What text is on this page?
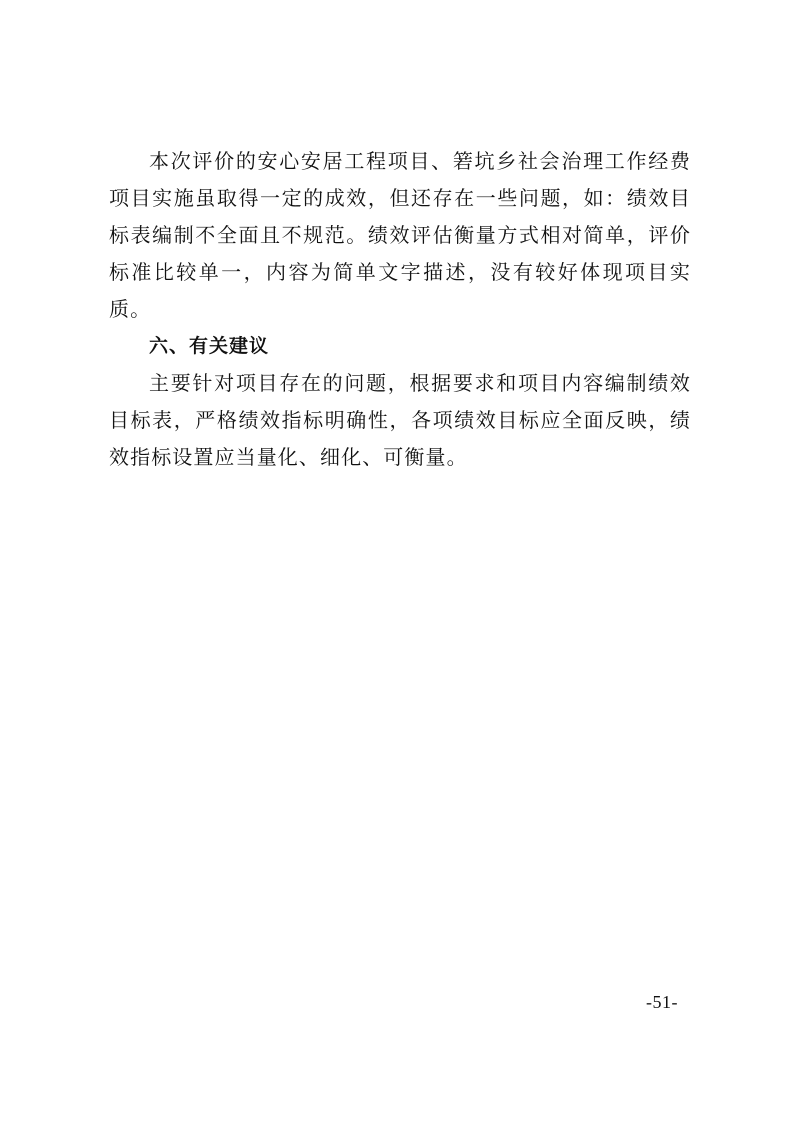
本次评价的安心安居工程项目、箬坑乡社会治理工作经费项目实施虽取得一定的成效，但还存在一些问题，如：绩效目标表编制不全面且不规范。绩效评估衡量方式相对简单，评价标准比较单一，内容为简单文字描述，没有较好体现项目实质。

六、有关建议

主要针对项目存在的问题，根据要求和项目内容编制绩效目标表，严格绩效指标明确性，各项绩效目标应全面反映，绩效指标设置应当量化、细化、可衡量。

-51-
